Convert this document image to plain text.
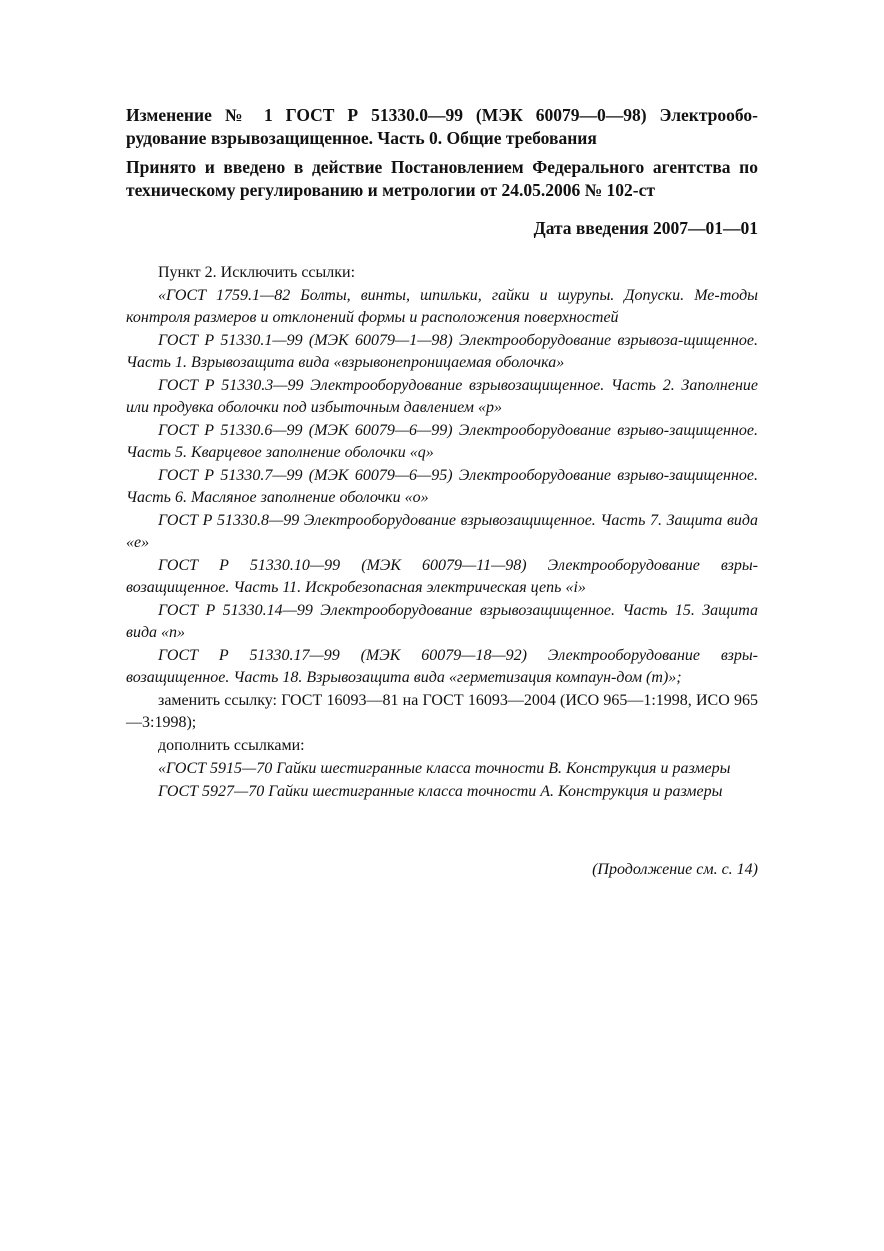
Изменение № 1 ГОСТ Р 51330.0—99 (МЭК 60079—0—98) Электрообо-рудование взрывозащищенное. Часть 0. Общие требования

Принято и введено в действие Постановлением Федерального агентства по техническому регулированию и метрологии от 24.05.2006 № 102-ст

Дата введения 2007—01—01

Пункт 2. Исключить ссылки:

«ГОСТ 1759.1—82 Болты, винты, шпильки, гайки и шурупы. Допуски. Ме-тоды контроля размеров и отклонений формы и расположения поверхностей

ГОСТ Р 51330.1—99 (МЭК 60079—1—98) Электрооборудование взрывоза-щищенное. Часть 1. Взрывозащита вида «взрывонепроницаемая оболочка»

ГОСТ Р 51330.3—99 Электрооборудование взрывозащищенное. Часть 2. Заполнение или продувка оболочки под избыточным давлением «р»

ГОСТ Р 51330.6—99 (МЭК 60079—6—99) Электрооборудование взрыво-защищенное. Часть 5. Кварцевое заполнение оболочки «q»

ГОСТ Р 51330.7—99 (МЭК 60079—6—95) Электрооборудование взрыво-защищенное. Часть 6. Масляное заполнение оболочки «о»

ГОСТ Р 51330.8—99 Электрооборудование взрывозащищенное. Часть 7. Защита вида «е»

ГОСТ Р 51330.10—99 (МЭК 60079—11—98) Электрооборудование взры-возащищенное. Часть 11. Искробезопасная электрическая цепь «i»

ГОСТ Р 51330.14—99 Электрооборудование взрывозащищенное. Часть 15. Защита вида «n»

ГОСТ Р 51330.17—99 (МЭК 60079—18—92) Электрооборудование взры-возащищенное. Часть 18. Взрывозащита вида «герметизация компаун-дом (m)»;

заменить ссылку: ГОСТ 16093—81 на ГОСТ 16093—2004 (ИСО 965—1:1998, ИСО 965—3:1998);

дополнить ссылками:

«ГОСТ 5915—70 Гайки шестигранные класса точности В. Конструкция и размеры

ГОСТ 5927—70 Гайки шестигранные класса точности А. Конструкция и размеры

(Продолжение см. с. 14)
